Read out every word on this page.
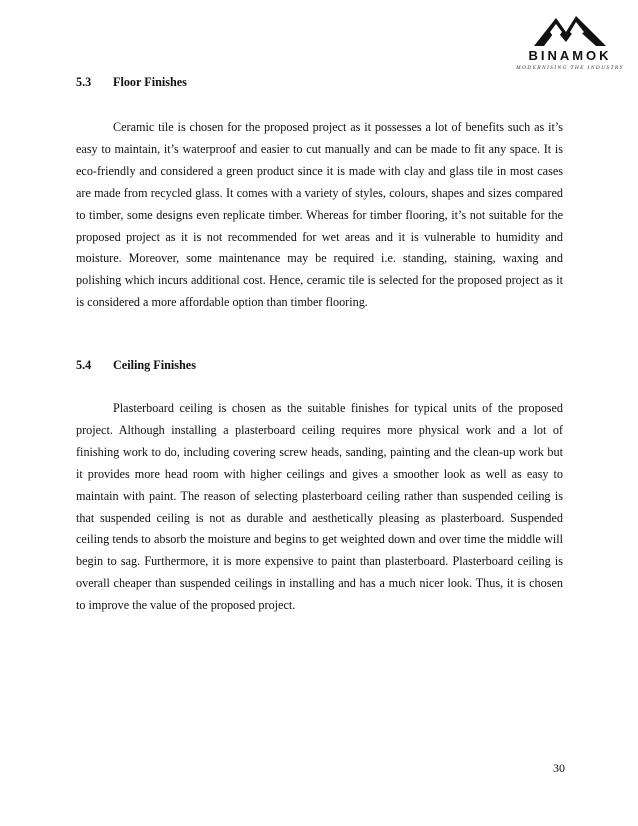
BINAMOK
MODERNISING THE INDUSTRY
5.3 Floor Finishes

Ceramic tile is chosen for the proposed project as it possesses a lot of benefits such as it’s easy to maintain, it’s waterproof and easier to cut manually and can be made to fit any space. It is eco-friendly and considered a green product since it is made with clay and glass tile in most cases are made from recycled glass. It comes with a variety of styles, colours, shapes and sizes compared to timber, some designs even replicate timber. Whereas for timber flooring, it’s not suitable for the proposed project as it is not recommended for wet areas and it is vulnerable to humidity and moisture. Moreover, some maintenance may be required i.e. standing, staining, waxing and polishing which incurs additional cost. Hence, ceramic tile is selected for the proposed project as it is considered a more affordable option than timber flooring.

5.4 Ceiling Finishes

Plasterboard ceiling is chosen as the suitable finishes for typical units of the proposed project. Although installing a plasterboard ceiling requires more physical work and a lot of finishing work to do, including covering screw heads, sanding, painting and the clean-up work but it provides more head room with higher ceilings and gives a smoother look as well as easy to maintain with paint. The reason of selecting plasterboard ceiling rather than suspended ceiling is that suspended ceiling is not as durable and aesthetically pleasing as plasterboard. Suspended ceiling tends to absorb the moisture and begins to get weighted down and over time the middle will begin to sag. Furthermore, it is more expensive to paint than plasterboard. Plasterboard ceiling is overall cheaper than suspended ceilings in installing and has a much nicer look. Thus, it is chosen to improve the value of the proposed project.

30
